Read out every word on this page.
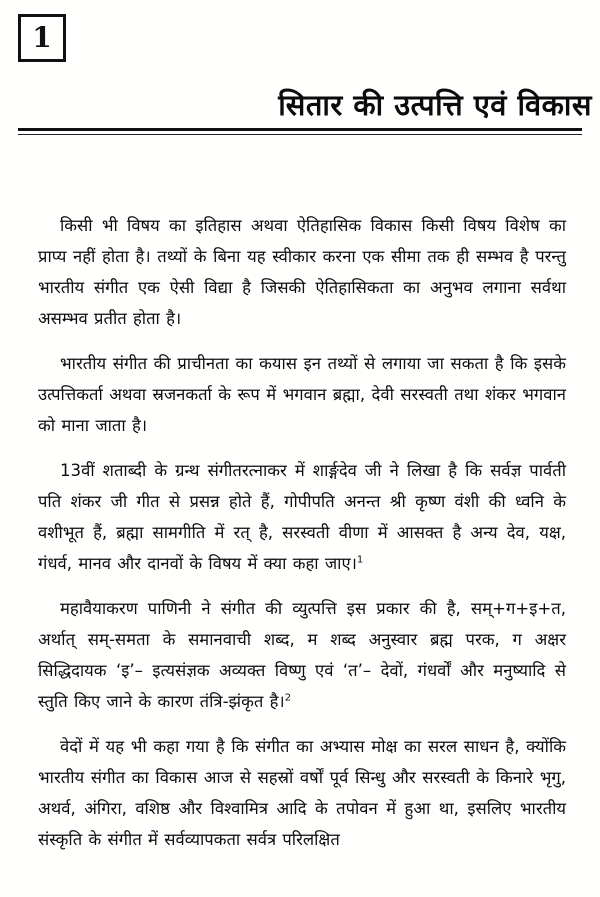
1
सितार की उत्पत्ति एवं विकास

किसी भी विषय का इतिहास अथवा ऐतिहासिक विकास किसी विषय विशेष का प्राप्य नहीं होता है। तथ्यों के बिना यह स्वीकार करना एक सीमा तक ही सम्भव है परन्तु भारतीय संगीत एक ऐसी विद्या है जिसकी ऐतिहासिकता का अनुभव लगाना सर्वथा असम्भव प्रतीत होता है।

भारतीय संगीत की प्राचीनता का कयास इन तथ्यों से लगाया जा सकता है कि इसके उत्पत्तिकर्ता अथवा स्रजनकर्ता के रूप में भगवान ब्रह्मा, देवी सरस्वती तथा शंकर भगवान को माना जाता है।

13वीं शताब्दी के ग्रन्थ संगीतरत्नाकर में शार्ङ्गदेव जी ने लिखा है कि सर्वज्ञ पार्वती पति शंकर जी गीत से प्रसन्न होते हैं, गोपीपति अनन्त श्री कृष्ण वंशी की ध्वनि के वशीभूत हैं, ब्रह्मा सामगीति में रत् है, सरस्वती वीणा में आसक्त है अन्य देव, यक्ष, गंधर्व, मानव और दानवों के विषय में क्या कहा जाए।$^1$

महावैयाकरण पाणिनी ने संगीत की व्युत्पत्ति इस प्रकार की है, सम्+ग+इ+त, अर्थात् सम्-समता के समानवाची शब्द, म शब्द अनुस्वार ब्रह्म परक, ग अक्षर सिद्धिदायक ‘इ’– इत्यसंज्ञक अव्यक्त विष्णु एवं ‘त’– देवों, गंधर्वों और मनुष्यादि से स्तुति किए जाने के कारण तंत्रि-झंकृत है।$^2$

वेदों में यह भी कहा गया है कि संगीत का अभ्यास मोक्ष का सरल साधन है, क्योंकि भारतीय संगीत का विकास आज से सहस्रों वर्षों पूर्व सिन्धु और सरस्वती के किनारे भृगु, अथर्व, अंगिरा, वशिष्ठ और विश्वामित्र आदि के तपोवन में हुआ था, इसलिए भारतीय संस्कृति के संगीत में सर्वव्यापकता सर्वत्र परिलक्षित
